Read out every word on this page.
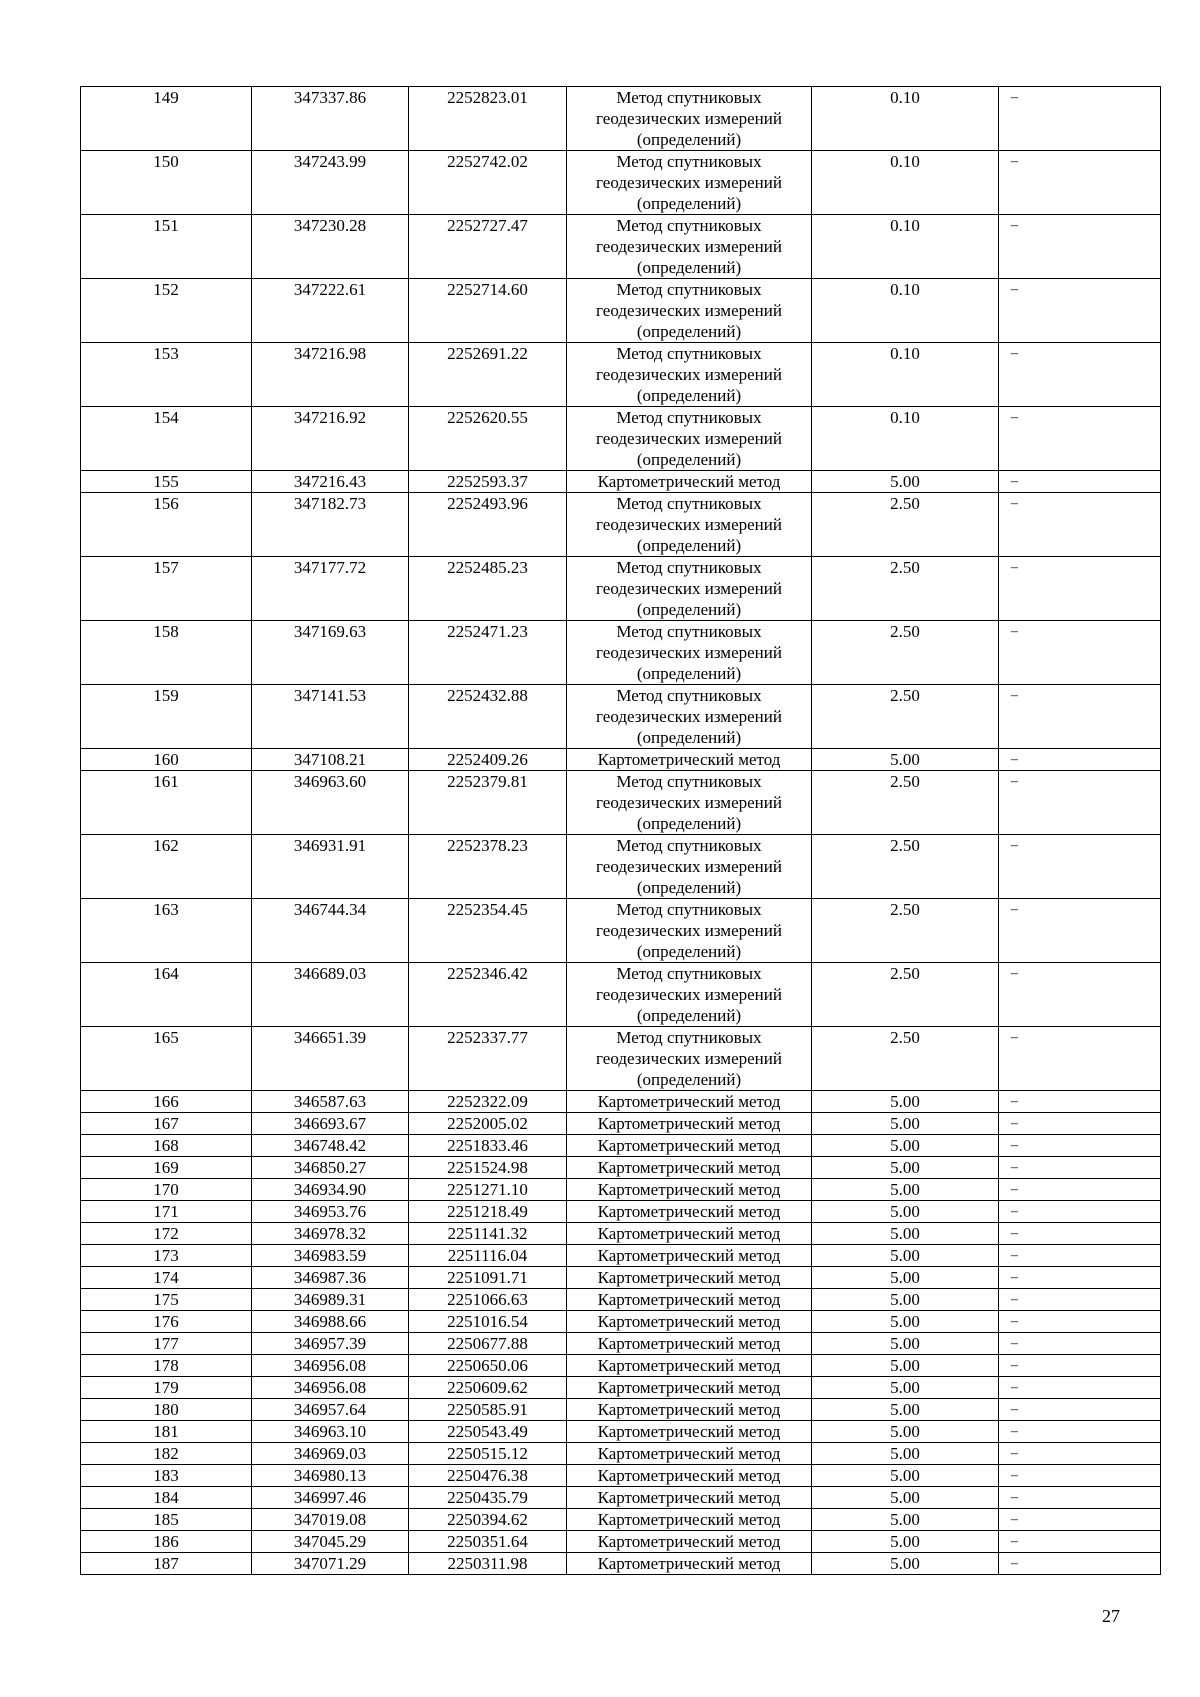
149	347337.86	2252823.01	Метод спутниковых геодезических измерений (определений)	0.10	–
150	347243.99	2252742.02	Метод спутниковых геодезических измерений (определений)	0.10	–
151	347230.28	2252727.47	Метод спутниковых геодезических измерений (определений)	0.10	–
152	347222.61	2252714.60	Метод спутниковых геодезических измерений (определений)	0.10	–
153	347216.98	2252691.22	Метод спутниковых геодезических измерений (определений)	0.10	–
154	347216.92	2252620.55	Метод спутниковых геодезических измерений (определений)	0.10	–
155	347216.43	2252593.37	Картометрический метод	5.00	–
156	347182.73	2252493.96	Метод спутниковых геодезических измерений (определений)	2.50	–
157	347177.72	2252485.23	Метод спутниковых геодезических измерений (определений)	2.50	–
158	347169.63	2252471.23	Метод спутниковых геодезических измерений (определений)	2.50	–
159	347141.53	2252432.88	Метод спутниковых геодезических измерений (определений)	2.50	–
160	347108.21	2252409.26	Картометрический метод	5.00	–
161	346963.60	2252379.81	Метод спутниковых геодезических измерений (определений)	2.50	–
162	346931.91	2252378.23	Метод спутниковых геодезических измерений (определений)	2.50	–
163	346744.34	2252354.45	Метод спутниковых геодезических измерений (определений)	2.50	–
164	346689.03	2252346.42	Метод спутниковых геодезических измерений (определений)	2.50	–
165	346651.39	2252337.77	Метод спутниковых геодезических измерений (определений)	2.50	–
166	346587.63	2252322.09	Картометрический метод	5.00	–
167	346693.67	2252005.02	Картометрический метод	5.00	–
168	346748.42	2251833.46	Картометрический метод	5.00	–
169	346850.27	2251524.98	Картометрический метод	5.00	–
170	346934.90	2251271.10	Картометрический метод	5.00	–
171	346953.76	2251218.49	Картометрический метод	5.00	–
172	346978.32	2251141.32	Картометрический метод	5.00	–
173	346983.59	2251116.04	Картометрический метод	5.00	–
174	346987.36	2251091.71	Картометрический метод	5.00	–
175	346989.31	2251066.63	Картометрический метод	5.00	–
176	346988.66	2251016.54	Картометрический метод	5.00	–
177	346957.39	2250677.88	Картометрический метод	5.00	–
178	346956.08	2250650.06	Картометрический метод	5.00	–
179	346956.08	2250609.62	Картометрический метод	5.00	–
180	346957.64	2250585.91	Картометрический метод	5.00	–
181	346963.10	2250543.49	Картометрический метод	5.00	–
182	346969.03	2250515.12	Картометрический метод	5.00	–
183	346980.13	2250476.38	Картометрический метод	5.00	–
184	346997.46	2250435.79	Картометрический метод	5.00	–
185	347019.08	2250394.62	Картометрический метод	5.00	–
186	347045.29	2250351.64	Картометрический метод	5.00	–
187	347071.29	2250311.98	Картометрический метод	5.00	–
27
